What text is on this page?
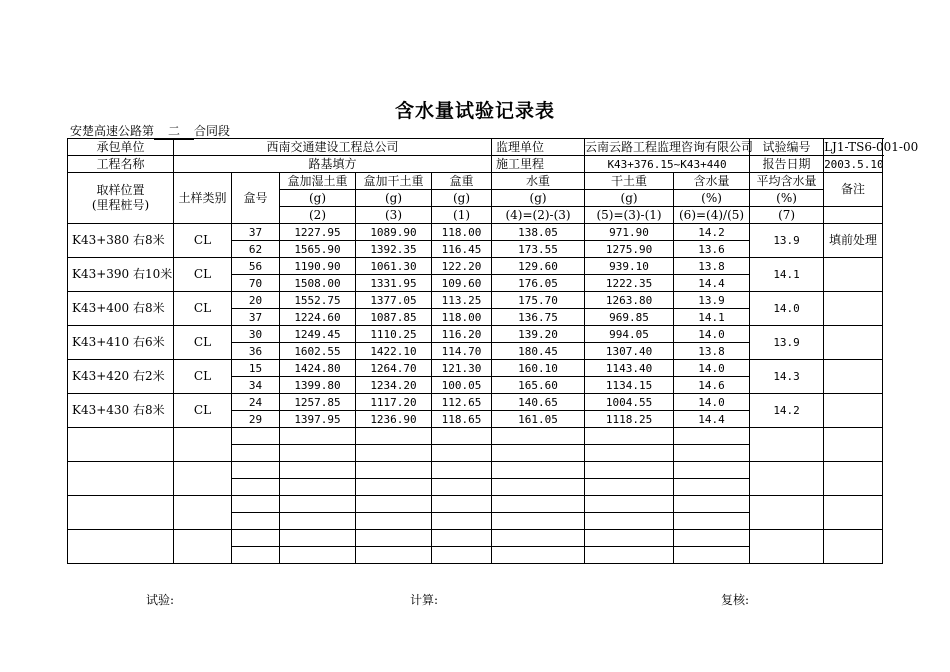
含水量试验记录表
安楚高速公路第 二 合同段
承包单位	西南交通建设工程总公司					监理单位	云南云路工程监理咨询有限公司		试验编号	LJ1-TS6-001-00
工程名称	路基填方					施工里程	K43+376.15~K43+440		报告日期	2003.5.10

取样位置
(里程桩号)	土样类别	盒号	盒加湿土重	盒加干土重	盒重	水重	干土重	含水量	平均含水量	备注
			(g)	(g)	(g)	(g)	(g)	(%)	(%)	
			(2)	(3)	(1)	(4)=(2)-(3)	(5)=(3)-(1)	(6)=(4)/(5)	(7)	
K43+380 右8米	CL	37	1227.95	1089.90	118.00	138.05	971.90	14.2	13.9	填前处理
		62	1565.90	1392.35	116.45	173.55	1275.90	13.6		
K43+390 右10米	CL	56	1190.90	1061.30	122.20	129.60	939.10	13.8	14.1	
		70	1508.00	1331.95	109.60	176.05	1222.35	14.4		
K43+400 右8米	CL	20	1552.75	1377.05	113.25	175.70	1263.80	13.9	14.0	
		37	1224.60	1087.85	118.00	136.75	969.85	14.1		
K43+410 右6米	CL	30	1249.45	1110.25	116.20	139.20	994.05	14.0	13.9	
		36	1602.55	1422.10	114.70	180.45	1307.40	13.8		
K43+420 右2米	CL	15	1424.80	1264.70	121.30	160.10	1143.40	14.0	14.3	
		34	1399.80	1234.20	100.05	165.60	1134.15	14.6		
K43+430 右8米	CL	24	1257.85	1117.20	112.65	140.65	1004.55	14.0	14.2	
		29	1397.95	1236.90	118.65	161.05	1118.25	14.4		

试验:	计算:	复核:
